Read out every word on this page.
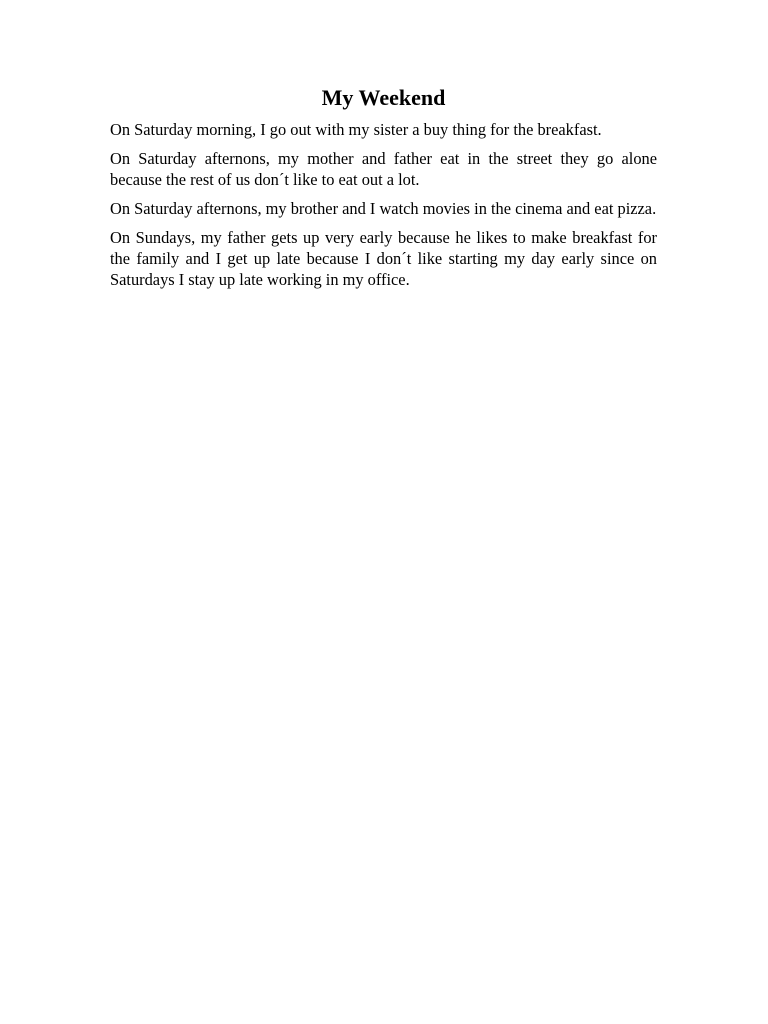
My Weekend

On Saturday morning, I go out with my sister a buy thing for the breakfast.

On Saturday afternons, my mother and father eat in the street they go alone because the rest of us don´t like to eat out a lot.

On Saturday afternons, my brother and I watch movies in the cinema and eat pizza.

On Sundays, my father gets up very early because he likes to make breakfast for the family and I get up late because I don´t like starting my day early since on Saturdays I stay up late working in my office.
